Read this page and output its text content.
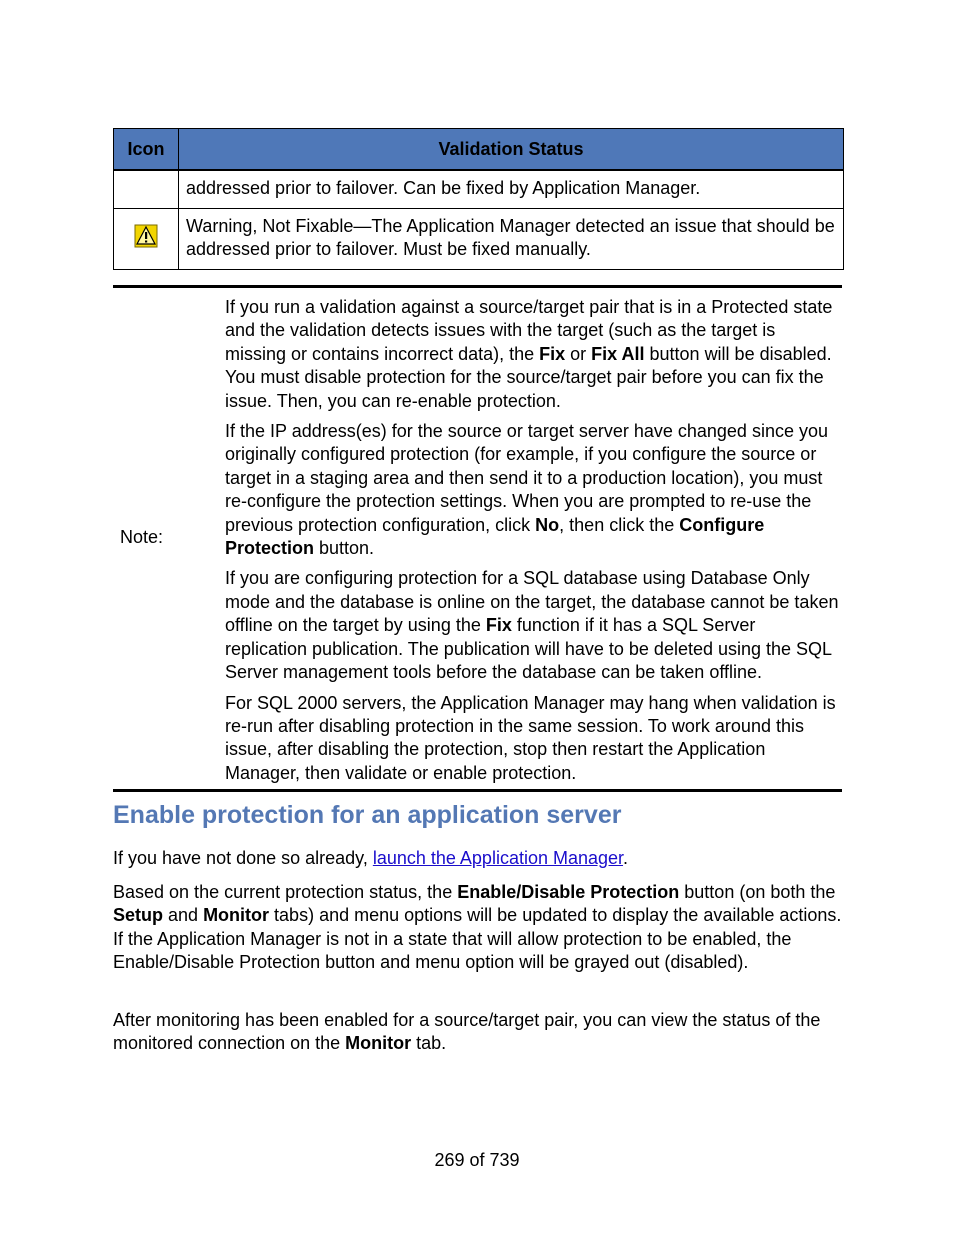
Icon	Validation Status
	addressed prior to failover. Can be fixed by Application Manager.
	Warning, Not Fixable—The Application Manager detected an issue that should be addressed prior to failover. Must be fixed manually.
Note:

If you run a validation against a source/target pair that is in a Protected state and the validation detects issues with the target (such as the target is missing or contains incorrect data), the Fix or Fix All button will be disabled. You must disable protection for the source/target pair before you can fix the issue. Then, you can re-enable protection.

If the IP address(es) for the source or target server have changed since you originally configured protection (for example, if you configure the source or target in a staging area and then send it to a production location), you must re-configure the protection settings. When you are prompted to re-use the previous protection configuration, click No, then click the Configure Protection button.

If you are configuring protection for a SQL database using Database Only mode and the database is online on the target, the database cannot be taken offline on the target by using the Fix function if it has a SQL Server replication publication. The publication will have to be deleted using the SQL Server management tools before the database can be taken offline.

For SQL 2000 servers, the Application Manager may hang when validation is re-run after disabling protection in the same session. To work around this issue, after disabling the protection, stop then restart the Application Manager, then validate or enable protection.

Enable protection for an application server

If you have not done so already, launch the Application Manager.

Based on the current protection status, the Enable/Disable Protection button (on both the Setup and Monitor tabs) and menu options will be updated to display the available actions. If the Application Manager is not in a state that will allow protection to be enabled, the Enable/Disable Protection button and menu option will be grayed out (disabled).

After monitoring has been enabled for a source/target pair, you can view the status of the monitored connection on the Monitor tab.

269 of 739
